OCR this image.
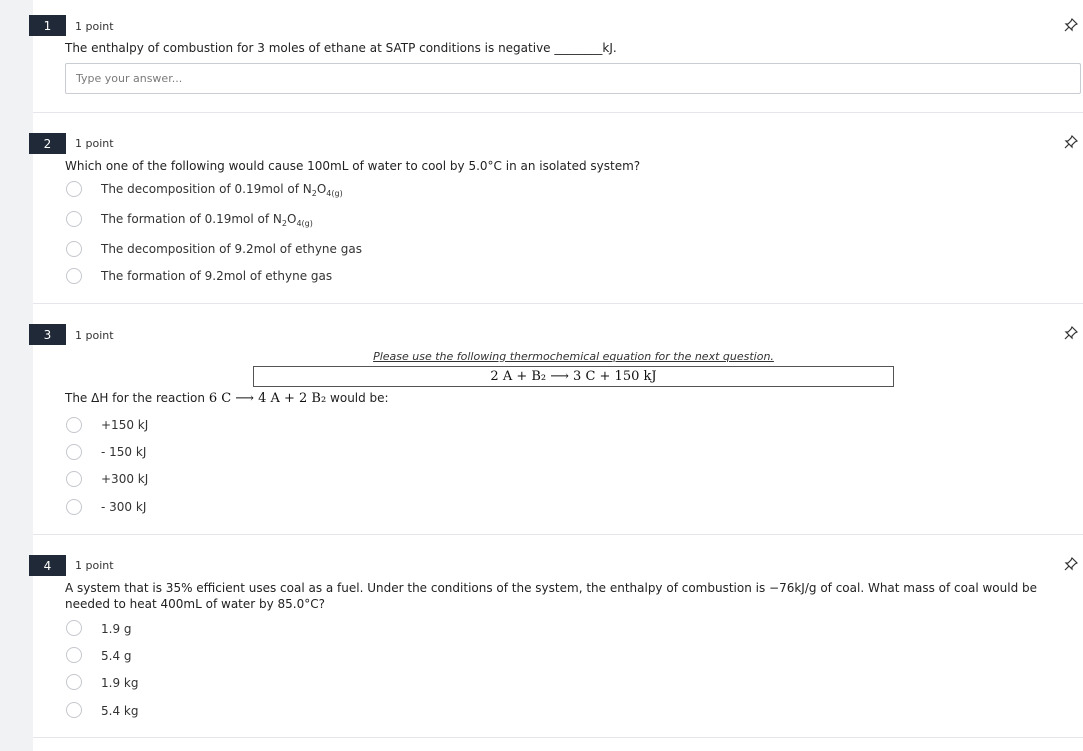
1	1 point
The enthalpy of combustion for 3 moles of ethane at SATP conditions is negative ________kJ.
Type your answer...
2	1 point
Which one of the following would cause 100mL of water to cool by 5.0°C in an isolated system?
The decomposition of 0.19mol of $N_2O_{4(g)}$
The formation of 0.19mol of $N_2O_{4(g)}$
The decomposition of 9.2mol of ethyne gas
The formation of 9.2mol of ethyne gas
3	1 point
Please use the following thermochemical equation for the next question.
2 A + B₂ ⟶ 3 C + 150 kJ
The ΔH for the reaction 6 C ⟶ 4 A + 2 B₂ would be:
+150 kJ
- 150 kJ
+300 kJ
- 300 kJ
4	1 point
A system that is 35% efficient uses coal as a fuel. Under the conditions of the system, the enthalpy of combustion is −76kJ/g of coal. What mass of coal would be needed to heat 400mL of water by 85.0°C?
1.9 g
5.4 g
1.9 kg
5.4 kg
